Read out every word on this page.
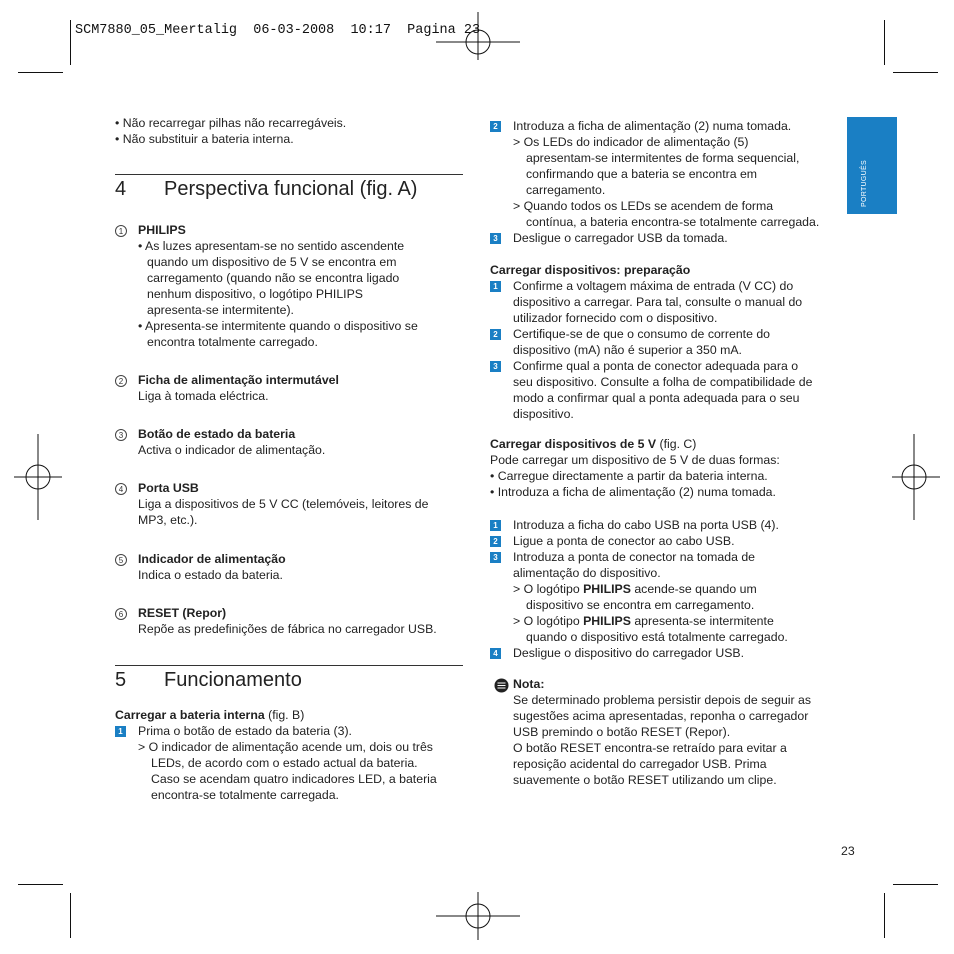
SCM7880_05_Meertalig  06-03-2008  10:17  Pagina 23
PORTUGUÊS
• Não recarregar pilhas não recarregáveis.
• Não substituir a bateria interna.
4 Perspectiva funcional (fig. A)
1	PHILIPS
• As luzes apresentam-se no sentido ascendente
quando um dispositivo de 5 V se encontra em
carregamento (quando não se encontra ligado
nenhum dispositivo, o logótipo PHILIPS
apresenta-se intermitente).
• Apresenta-se intermitente quando o dispositivo se
encontra totalmente carregado.
2	Ficha de alimentação intermutável
Liga à tomada eléctrica.
3	Botão de estado da bateria
Activa o indicador de alimentação.
4	Porta USB
Liga a dispositivos de 5 V CC (telemóveis, leitores de
MP3, etc.).
5	Indicador de alimentação
Indica o estado da bateria.
6	RESET (Repor)
Repõe as predefinições de fábrica no carregador USB.
5 Funcionamento
Carregar a bateria interna (fig. B)
1 Prima o botão de estado da bateria (3).
> O indicador de alimentação acende um, dois ou três
LEDs, de acordo com o estado actual da bateria.
Caso se acendam quatro indicadores LED, a bateria
encontra-se totalmente carregada.
2 Introduza a ficha de alimentação (2) numa tomada.
> Os LEDs do indicador de alimentação (5)
apresentam-se intermitentes de forma sequencial,
confirmando que a bateria se encontra em
carregamento.
> Quando todos os LEDs se acendem de forma
contínua, a bateria encontra-se totalmente carregada.
3 Desligue o carregador USB da tomada.
Carregar dispositivos: preparação
1 Confirme a voltagem máxima de entrada (V CC) do
dispositivo a carregar. Para tal, consulte o manual do
utilizador fornecido com o dispositivo.
2 Certifique-se de que o consumo de corrente do
dispositivo (mA) não é superior a 350 mA.
3 Confirme qual a ponta de conector adequada para o
seu dispositivo. Consulte a folha de compatibilidade de
modo a confirmar qual a ponta adequada para o seu
dispositivo.
Carregar dispositivos de 5 V (fig. C)
Pode carregar um dispositivo de 5 V de duas formas:
• Carregue directamente a partir da bateria interna.
• Introduza a ficha de alimentação (2) numa tomada.
1 Introduza a ficha do cabo USB na porta USB (4).
2 Ligue a ponta de conector ao cabo USB.
3 Introduza a ponta de conector na tomada de
alimentação do dispositivo.
> O logótipo PHILIPS acende-se quando um
dispositivo se encontra em carregamento.
> O logótipo PHILIPS apresenta-se intermitente
quando o dispositivo está totalmente carregado.
4 Desligue o dispositivo do carregador USB.
Nota:
Se determinado problema persistir depois de seguir as
sugestões acima apresentadas, reponha o carregador
USB premindo o botão RESET (Repor).
O botão RESET encontra-se retraído para evitar a
reposição acidental do carregador USB. Prima
suavemente o botão RESET utilizando um clipe.
23
